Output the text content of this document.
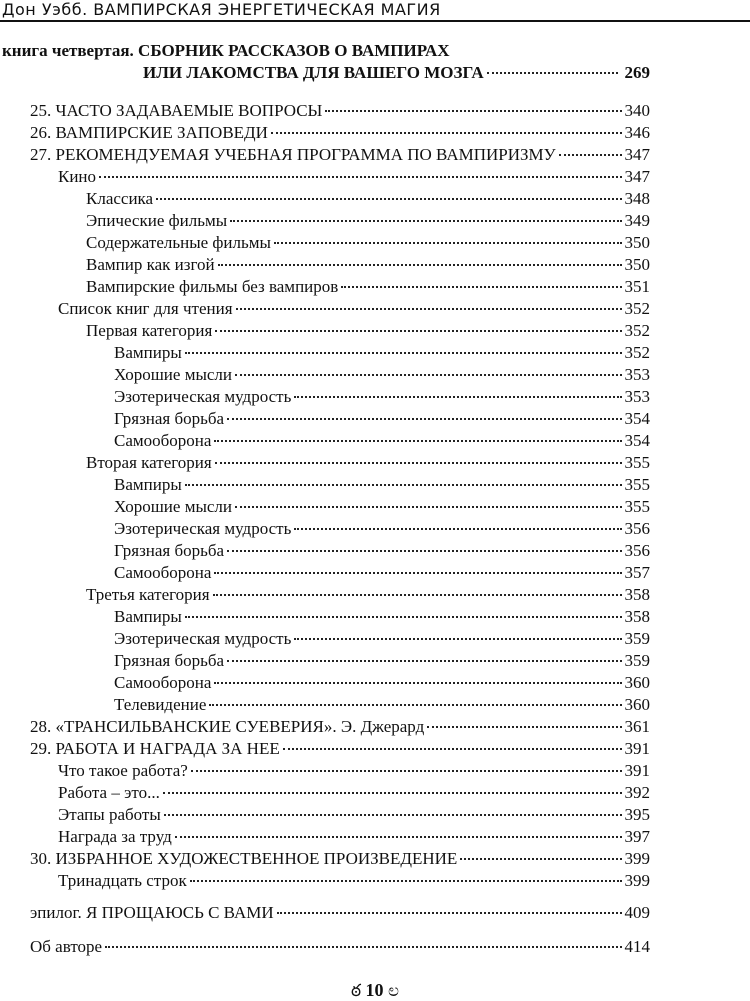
Дон Уэбб. ВАМПИРСКАЯ ЭНЕРГЕТИЧЕСКАЯ МАГИЯ
книга четвертая. СБОРНИК РАССКАЗОВ О ВАМПИРАХ
ИЛИ ЛАКОМСТВА ДЛЯ ВАШЕГО МОЗГА	269
25. ЧАСТО ЗАДАВАЕМЫЕ ВОПРОСЫ	340
26. ВАМПИРСКИЕ ЗАПОВЕДИ	346
27. РЕКОМЕНДУЕМАЯ УЧЕБНАЯ ПРОГРАММА ПО ВАМПИРИЗМУ	347
Кино	347
Классика	348
Эпические фильмы	349
Содержательные фильмы	350
Вампир как изгой	350
Вампирские фильмы без вампиров	351
Список книг для чтения	352
Первая категория	352
Вампиры	352
Хорошие мысли	353
Эзотерическая мудрость	353
Грязная борьба	354
Самооборона	354
Вторая категория	355
Вампиры	355
Хорошие мысли	355
Эзотерическая мудрость	356
Грязная борьба	356
Самооборона	357
Третья категория	358
Вампиры	358
Эзотерическая мудрость	359
Грязная борьба	359
Самооборона	360
Телевидение	360
28. «ТРАНСИЛЬВАНСКИЕ СУЕВЕРИЯ». Э. Джерард	361
29. РАБОТА И НАГРАДА ЗА НЕЕ	391
Что такое работа?	391
Работа – это...	392
Этапы работы	395
Награда за труд	397
30. ИЗБРАННОЕ ХУДОЖЕСТВЕННОЕ ПРОИЗВЕДЕНИЕ	399
Тринадцать строк	399
эпилог. Я ПРОЩАЮСЬ С ВАМИ	409
Об авторе	414
ఠ 10 ಲ
